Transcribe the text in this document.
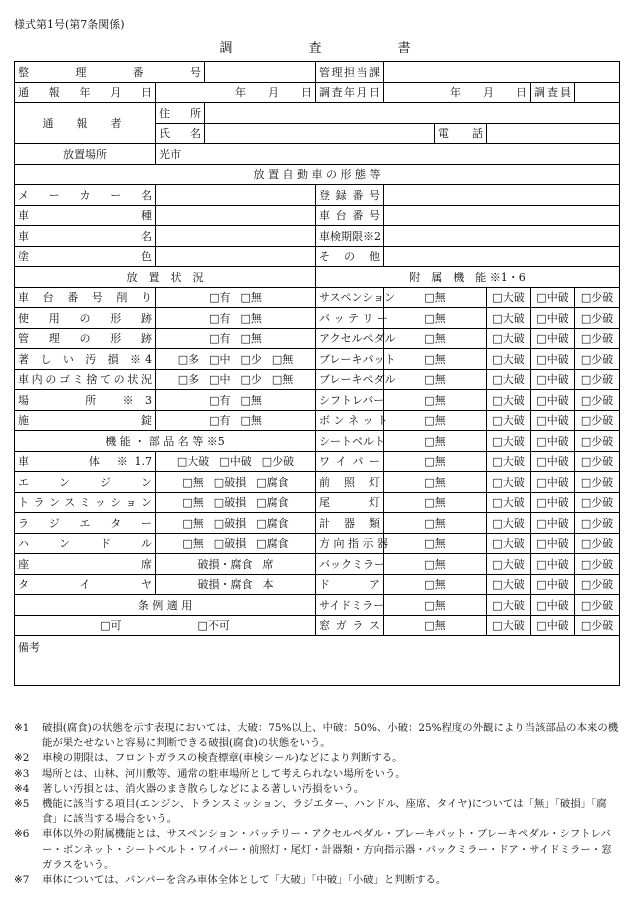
様式第1号(第7条関係)
調	査	書
整　理　番　号			管理担当課					
通報年月日	年　　月　　日		調査年月日	年　　月　　日			調査員	
通　報　者	住　所							
	氏　名				電　話			
放置場所	光市							
放 置 自 動 車 の 形 態 等								
メ ー カ ー 名			登 録 番 号					
車　　　　　種			車 台 番 号					
車　　　　　名			車検期限※2					
塗　　　　　色			そ　の　他					
放　置　状　況			附　属　機　能 ※1・6					
車 台 番 号 削 り	□有 □無		サスペンション	□無		□大破	□中破	□少破
使 用 の 形 跡	□有 □無		バ ッ テ リ ー	□無		□大破	□中破	□少破
管 理 の 形 跡	□有 □無		アクセルペダル	□無		□大破	□中破	□少破
著 し い 汚 損 ※4	□多 □中 □少 □無		ブレーキパット	□無		□大破	□中破	□少破
車内のゴミ捨ての状況	□多 □中 □少 □無		ブレーキペダル	□無		□大破	□中破	□少破
場　　所 ※3	□有 □無		シフトレバー	□無		□大破	□中破	□少破
施　　　　錠	□有 □無		ボ ン ネ ッ ト	□無		□大破	□中破	□少破
機 能 ・ 部 品 名 等 ※5			シートベルト	□無		□大破	□中破	□少破
車　　　体 ※1.7	□大破 □中破 □少破		ワ イ パ ー	□無		□大破	□中破	□少破
エ ン ジ ン	□無 □破損 □腐食		前　照　灯	□無		□大破	□中破	□少破
トランスミッション	□無 □破損 □腐食		尾　　　灯	□無		□大破	□中破	□少破
ラ ジ エ タ ー	□無 □破損 □腐食		計　器　類	□無		□大破	□中破	□少破
ハ ン ド ル	□無 □破損 □腐食		方 向 指 示 器	□無		□大破	□中破	□少破
座　　　　席	破損・腐食 席		バックミラー	□無		□大破	□中破	□少破
タ　イ　ヤ	破損・腐食 本		ド　　　ア	□無		□大破	□中破	□少破
条 例 適 用			サイドミラー	□無		□大破	□中破	□少破
□可 □不可			窓 ガ ラ ス	□無		□大破	□中破	□少破
備考								
※1	破損(腐食)の状態を示す表現においては、大破：75%以上、中破：50%、小破：25%程度の外観により当該部品の本来の機能が果たせないと容易に判断できる破損(腐食)の状態をいう。
※2	車検の期限は、フロントガラスの検査標章(車検シール)などにより判断する。
※3	場所とは、山林、河川敷等、通常の駐車場所として考えられない場所をいう。
※4	著しい汚損とは、消火器のまき散らしなどによる著しい汚損をいう。
※5	機能に該当する項目(エンジン、トランスミッション、ラジエター、ハンドル、座席、タイヤ)については「無」「破損」「腐食」に該当する場合をいう。
※6	車体以外の附属機能とは、サスペンション・バッテリー・アクセルペダル・ブレーキパット・ブレーキペダル・シフトレバー・ボンネット・シートベルト・ワイパー・前照灯・尾灯・計器類・方向指示器・バックミラー・ドア・サイドミラー・窓ガラスをいう。
※7	車体については、バンパーを含み車体全体として「大破」「中破」「小破」と判断する。
